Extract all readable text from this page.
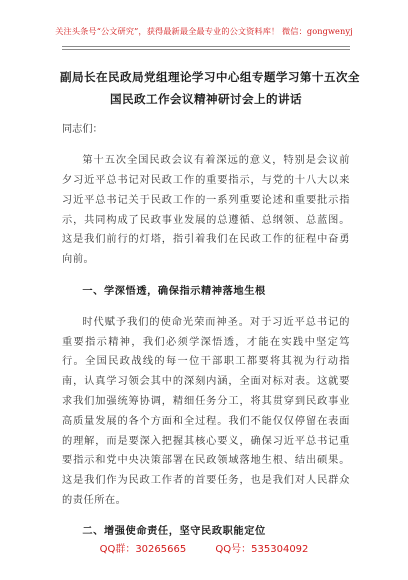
关注头条号“公文研究”，获得最新最全最专业的公文资料库！ 微信：gongwenyj
副局长在民政局党组理论学习中心组专题学习第十五次全
国民政工作会议精神研讨会上的讲话
同志们：

第十五次全国民政会议有着深远的意义，特别是会议前夕习近平总书记对民政工作的重要指示，与党的十八大以来习近平总书记关于民政工作的一系列重要论述和重要批示指示，共同构成了民政事业发展的总遵循、总纲领、总蓝图。这是我们前行的灯塔，指引着我们在民政工作的征程中奋勇向前。

一、学深悟透，确保指示精神落地生根

时代赋予我们的使命光荣而神圣。对于习近平总书记的重要指示精神，我们必须学深悟透，才能在实践中坚定笃行。全国民政战线的每一位干部职工都要将其视为行动指南，认真学习领会其中的深刻内涵，全面对标对表。这就要求我们加强统筹协调，精细任务分工，将其贯穿到民政事业高质量发展的各个方面和全过程。我们不能仅仅停留在表面的理解，而是要深入把握其核心要义，确保习近平总书记重要指示和党中央决策部署在民政领域落地生根、结出硕果。这是我们作为民政工作者的首要任务，也是我们对人民群众的责任所在。

二、增强使命责任，坚守民政职能定位
QQ群：30265665	QQ号：535304092
